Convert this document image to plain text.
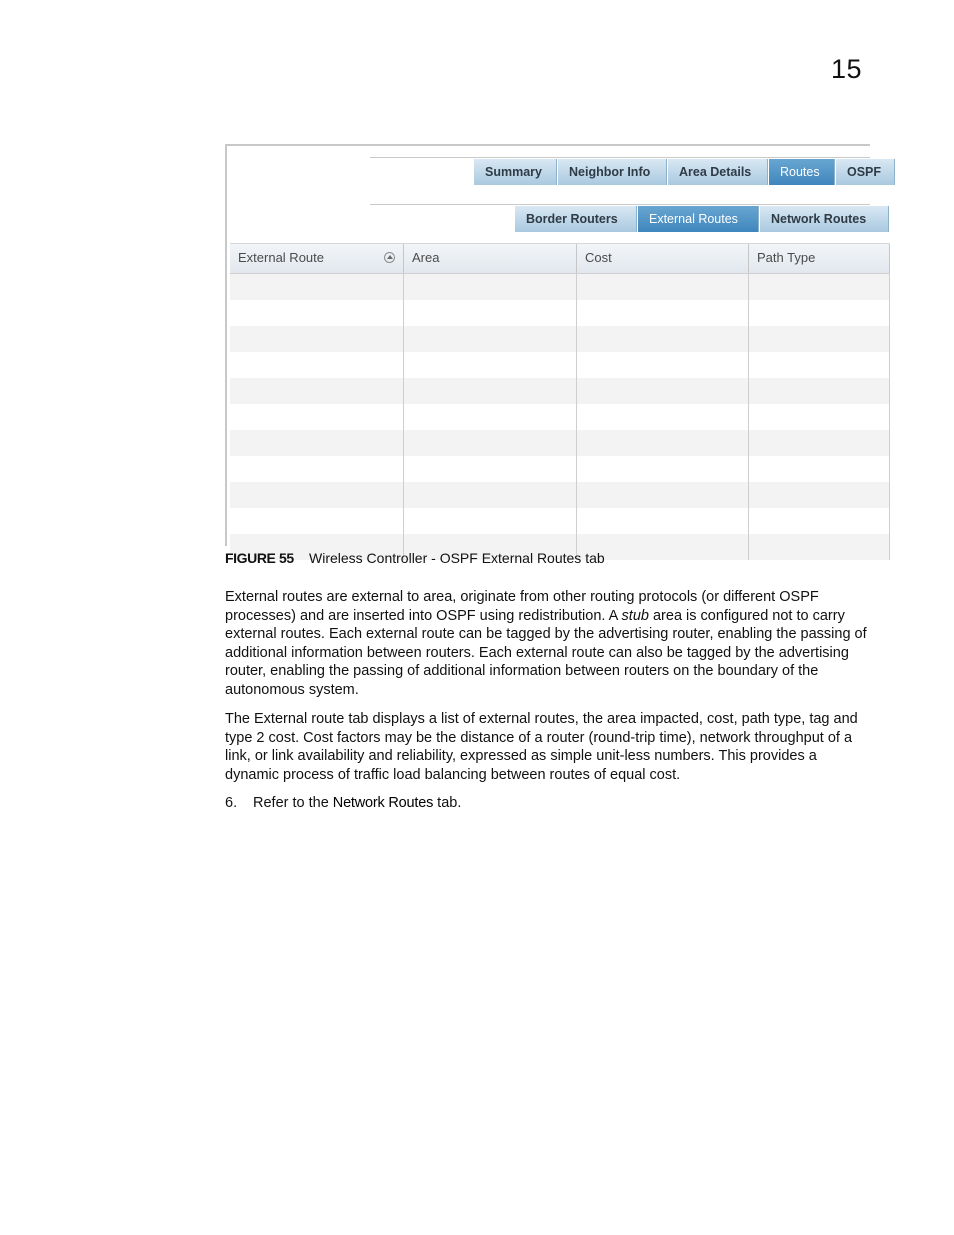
15
Summary	Neighbor Info	Area Details	Routes	OSPF
Border Routers	External Routes	Network Routes
External Route	Area	Cost	Path Type
FIGURE 55 Wireless Controller - OSPF External Routes tab

External routes are external to area, originate from other routing protocols (or different OSPF processes) and are inserted into OSPF using redistribution. A stub area is configured not to carry external routes. Each external route can be tagged by the advertising router, enabling the passing of additional information between routers. Each external route can also be tagged by the advertising router, enabling the passing of additional information between routers on the boundary of the autonomous system.

The External route tab displays a list of external routes, the area impacted, cost, path type, tag and type 2 cost. Cost factors may be the distance of a router (round-trip time), network throughput of a link, or link availability and reliability, expressed as simple unit-less numbers. This provides a dynamic process of traffic load balancing between routes of equal cost.

6. Refer to the Network Routes tab.
